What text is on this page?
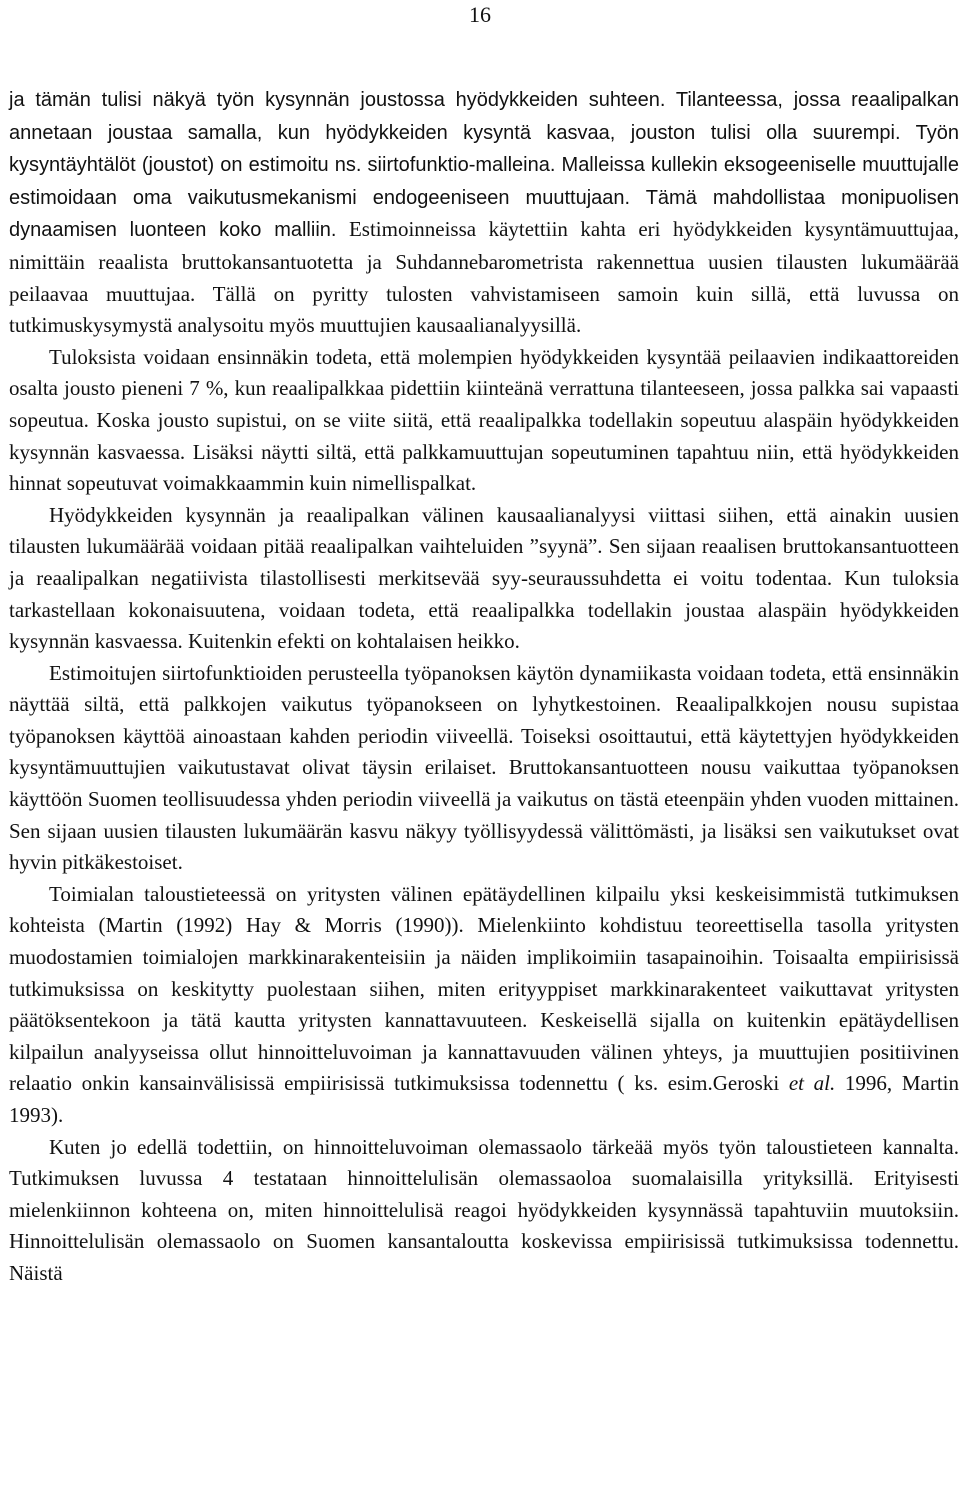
16

ja tämän tulisi näkyä työn kysynnän joustossa hyödykkeiden suhteen. Tilanteessa, jossa reaalipalkan annetaan joustaa samalla, kun hyödykkeiden kysyntä kasvaa, jouston tulisi olla suurempi. Työn kysyntäyhtälöt (joustot) on estimoitu ns. siirtofunktio-malleina. Malleissa kullekin eksogeeniselle muuttujalle estimoidaan oma vaikutusmekanismi endogeeniseen muuttujaan. Tämä mahdollistaa monipuolisen dynaamisen luonteen koko malliin. Estimoinneissa käytettiin kahta eri hyödykkeiden kysyntämuuttujaa, nimittäin reaalista bruttokansantuotetta ja Suhdannebarometrista rakennettua uusien tilausten lukumäärää peilaavaa muuttujaa. Tällä on pyritty tulosten vahvistamiseen samoin kuin sillä, että luvussa on tutkimuskysymystä analysoitu myös muuttujien kausaalianalyysillä.

Tuloksista voidaan ensinnäkin todeta, että molempien hyödykkeiden kysyntää peilaavien indikaattoreiden osalta jousto pieneni 7 %, kun reaalipalkkaa pidettiin kiinteänä verrattuna tilanteeseen, jossa palkka sai vapaasti sopeutua. Koska jousto supistui, on se viite siitä, että reaalipalkka todellakin sopeutuu alaspäin hyödykkeiden kysynnän kasvaessa. Lisäksi näytti siltä, että palkkamuuttujan sopeutuminen tapahtuu niin, että hyödykkeiden hinnat sopeutuvat voimakkaammin kuin nimellispalkat.

Hyödykkeiden kysynnän ja reaalipalkan välinen kausaalianalyysi viittasi siihen, että ainakin uusien tilausten lukumäärää voidaan pitää reaalipalkan vaihteluiden ”syynä”. Sen sijaan reaalisen bruttokansantuotteen ja reaalipalkan negatiivista tilastollisesti merkitsevää syy-seuraussuhdetta ei voitu todentaa. Kun tuloksia tarkastellaan kokonaisuutena, voidaan todeta, että reaalipalkka todellakin joustaa alaspäin hyödykkeiden kysynnän kasvaessa. Kuitenkin efekti on kohtalaisen heikko.

Estimoitujen siirtofunktioiden perusteella työpanoksen käytön dynamiikasta voidaan todeta, että ensinnäkin näyttää siltä, että palkkojen vaikutus työpanokseen on lyhytkestoinen. Reaalipalkkojen nousu supistaa työpanoksen käyttöä ainoastaan kahden periodin viiveellä. Toiseksi osoittautui, että käytettyjen hyödykkeiden kysyntämuuttujien vaikutustavat olivat täysin erilaiset. Bruttokansantuotteen nousu vaikuttaa työpanoksen käyttöön Suomen teollisuudessa yhden periodin viiveellä ja vaikutus on tästä eteenpäin yhden vuoden mittainen. Sen sijaan uusien tilausten lukumäärän kasvu näkyy työllisyydessä välittömästi, ja lisäksi sen vaikutukset ovat hyvin pitkäkestoiset.

Toimialan taloustieteessä on yritysten välinen epätäydellinen kilpailu yksi keskeisimmistä tutkimuksen kohteista (Martin (1992) Hay & Morris (1990)). Mielenkiinto kohdistuu teoreettisella tasolla yritysten muodostamien toimialojen markkinarakenteisiin ja näiden implikoimiin tasapainoihin. Toisaalta empiirisissä tutkimuksissa on keskitytty puolestaan siihen, miten erityyppiset markkinarakenteet vaikuttavat yritysten päätöksentekoon ja tätä kautta yritysten kannattavuuteen. Keskeisellä sijalla on kuitenkin epätäydellisen kilpailun analyyseissa ollut hinnoitteluvoiman ja kannattavuuden välinen yhteys, ja muuttujien positiivinen relaatio onkin kansainvälisissä empiirisissä tutkimuksissa todennettu ( ks. esim.Geroski et al. 1996, Martin 1993).

Kuten jo edellä todettiin, on hinnoitteluvoiman olemassaolo tärkeää myös työn taloustieteen kannalta. Tutkimuksen luvussa 4 testataan hinnoittelulisän olemassaoloa suomalaisilla yrityksillä. Erityisesti mielenkiinnon kohteena on, miten hinnoittelulisä reagoi hyödykkeiden kysynnässä tapahtuviin muutoksiin. Hinnoittelulisän olemassaolo on Suomen kansantaloutta koskevissa empiirisissä tutkimuksissa todennettu. Näistä
